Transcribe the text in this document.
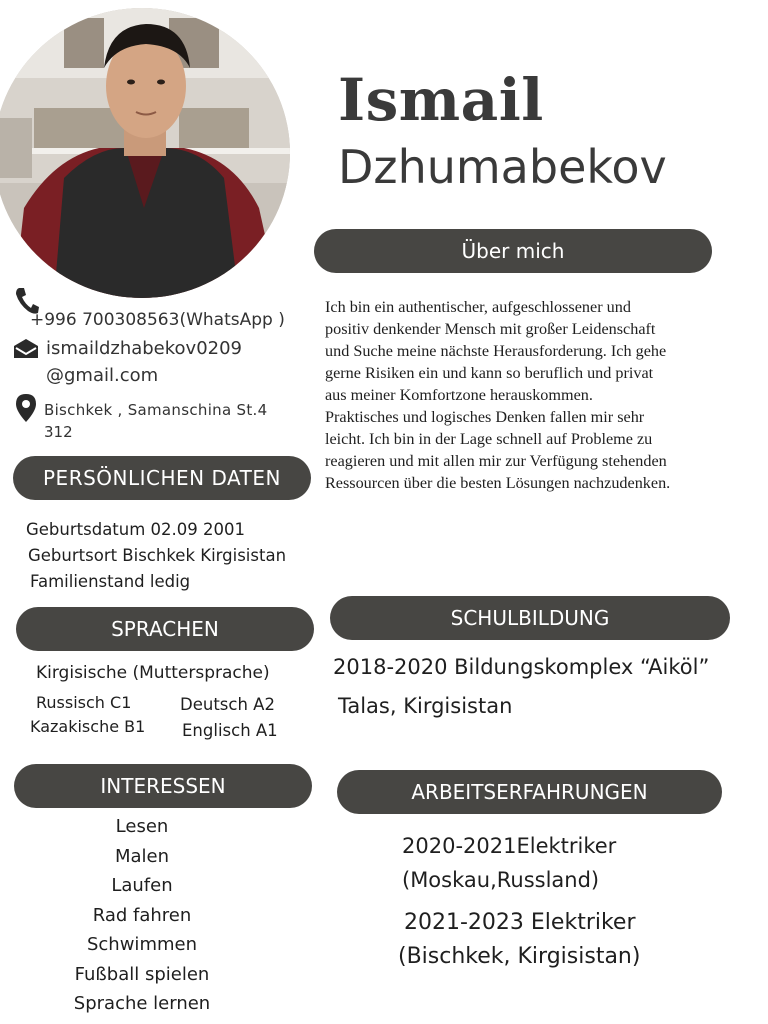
Ismail
Dzhumabekov
+996 700308563(WhatsApp )
ismaildzhabekov0209
@gmail.com
Bischkek , Samanschina St.4
312
Über mich
Ich bin ein authentischer, aufgeschlossener und
positiv denkender Mensch mit großer Leidenschaft
und Suche meine nächste Herausforderung. Ich gehe
gerne Risiken ein und kann so beruflich und privat
aus meiner Komfortzone herauskommen.
Praktisches und logisches Denken fallen mir sehr
leicht. Ich bin in der Lage schnell auf Probleme zu
reagieren und mit allen mir zur Verfügung stehenden
Ressourcen über die besten Lösungen nachzudenken.
PERSÖNLICHEN DATEN
Geburtsdatum 02.09 2001
Geburtsort Bischkek Kirgisistan
Familienstand ledig
SPRACHEN
Kirgisische (Muttersprache)
Russisch C1
Kazakische B1
Deutsch A2
Englisch A1
INTERESSEN
Lesen
Malen
Laufen
Rad fahren
Schwimmen
Fußball spielen
Sprache lernen
SCHULBILDUNG
2018-2020 Bildungskomplex “Aiköl”
Talas, Kirgisistan
ARBEITSERFAHRUNGEN
2020-2021Elektriker
(Moskau,Russland)
2021-2023 Elektriker
(Bischkek, Kirgisistan)
